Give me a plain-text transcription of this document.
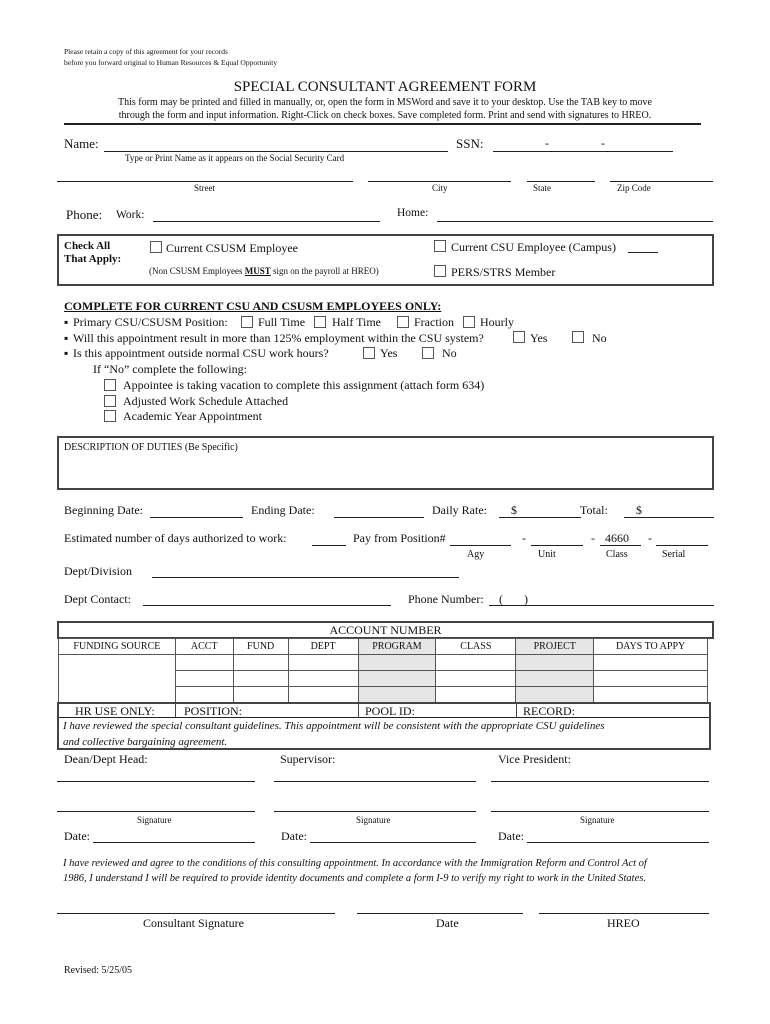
Please retain a copy of this agreement for your records
before you forward original to Human Resources & Equal Opportunity
SPECIAL CONSULTANT AGREEMENT FORM
This form may be printed and filled in manually, or, open the form in MSWord and save it to your desktop. Use the TAB key to move
through the form and input information. Right-Click on check boxes. Save completed form. Print and send with signatures to HREO.
Name:	SSN:	-	-
Type or Print Name as it appears on the Social Security Card
Street	City	State	Zip Code
Phone: Work:	Home:
Check All
That Apply:
Current CSUSM Employee
(Non CSUSM Employees MUST sign on the payroll at HREO)
Current CSU Employee (Campus)
PERS/STRS Member
COMPLETE FOR CURRENT CSU AND CSUSM EMPLOYEES ONLY:
▪ Primary CSU/CSUSM Position:	Full Time Half Time	Fraction Hourly
▪ Will this appointment result in more than 125% employment within the CSU system?	Yes	No
▪ Is this appointment outside normal CSU work hours?	Yes	No
If “No” complete the following:
Appointee is taking vacation to complete this assignment (attach form 634)
Adjusted Work Schedule Attached
Academic Year Appointment
DESCRIPTION OF DUTIES (Be Specific)
Beginning Date:	Ending Date:	Daily Rate: $	Total: $
Estimated number of days authorized to work:	Pay from Position#	-	- 4660 -
Agy	Unit	Class	Serial
Dept/Division
Dept Contact:	Phone Number: (       )
ACCOUNT NUMBER
FUNDING SOURCE	ACCT	FUND	DEPT	PROGRAM	CLASS	PROJECT	DAYS TO APPY

HR USE ONLY: POSITION:	POOL ID:	RECORD:
I have reviewed the special consultant guidelines. This appointment will be consistent with the appropriate CSU guidelines
and collective bargaining agreement.
Dean/Dept Head:	Supervisor:	Vice President:
Signature	Signature	Signature
Date:	Date:	Date:
I have reviewed and agree to the conditions of this consulting appointment. In accordance with the Immigration Reform and Control Act of
1986, I understand I will be required to provide identity documents and complete a form I-9 to verify my right to work in the United States.
Consultant Signature	Date	HREO
Revised: 5/25/05
